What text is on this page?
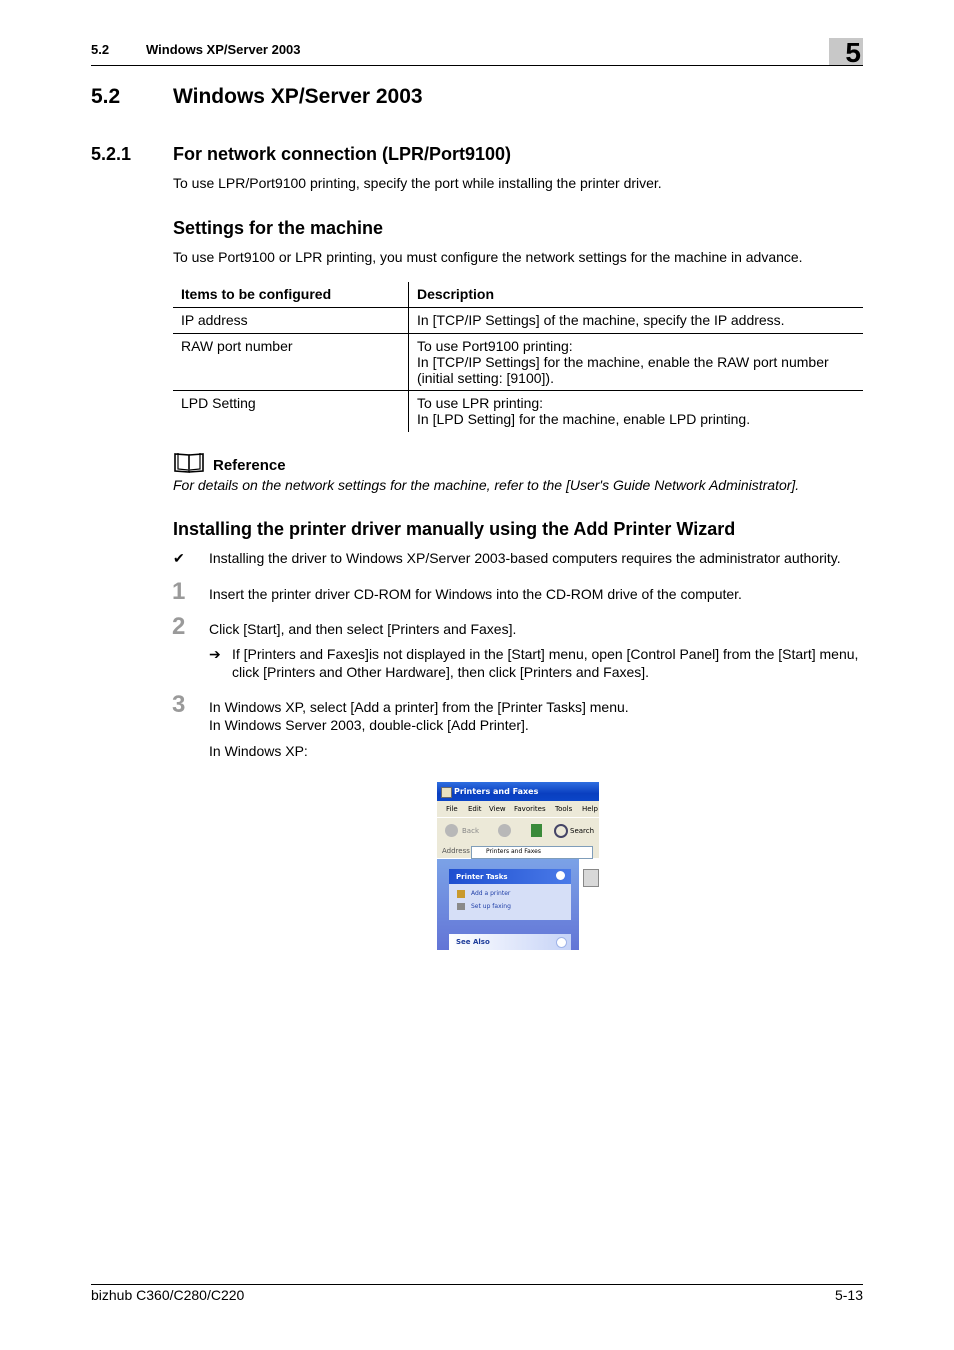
5.2	Windows XP/Server 2003	5
5.2	Windows XP/Server 2003
5.2.1 For network connection (LPR/Port9100)
To use LPR/Port9100 printing, specify the port while installing the printer driver.
Settings for the machine
To use Port9100 or LPR printing, you must configure the network settings for the machine in advance.
Items to be configured	Description
IP address	In [TCP/IP Settings] of the machine, specify the IP address.

RAW port number	To use Port9100 printing:
In [TCP/IP Settings] for the machine, enable the RAW port number
(initial setting: [9100]).

LPD Setting	To use LPR printing:
In [LPD Setting] for the machine, enable LPD printing.
Reference
For details on the network settings for the machine, refer to the [User's Guide Network Administrator].
Installing the printer driver manually using the Add Printer Wizard
✔ Installing the driver to Windows XP/Server 2003-based computers requires the administrator authority.
1 Insert the printer driver CD-ROM for Windows into the CD-ROM drive of the computer.
2 Click [Start], and then select [Printers and Faxes].
➔ If [Printers and Faxes]is not displayed in the [Start] menu, open [Control Panel] from the [Start] menu,
click [Printers and Other Hardware], then click [Printers and Faxes].
3 In Windows XP, select [Add a printer] from the [Printer Tasks] menu.
In Windows Server 2003, double-click [Add Printer].
In Windows XP:
Printers and Faxes
File Edit View Favorites Tools Help
Back	Search
Address	Printers and Faxes
Printer Tasks
Add a printer
Set up faxing
See Also
bizhub C360/C280/C220	5-13
